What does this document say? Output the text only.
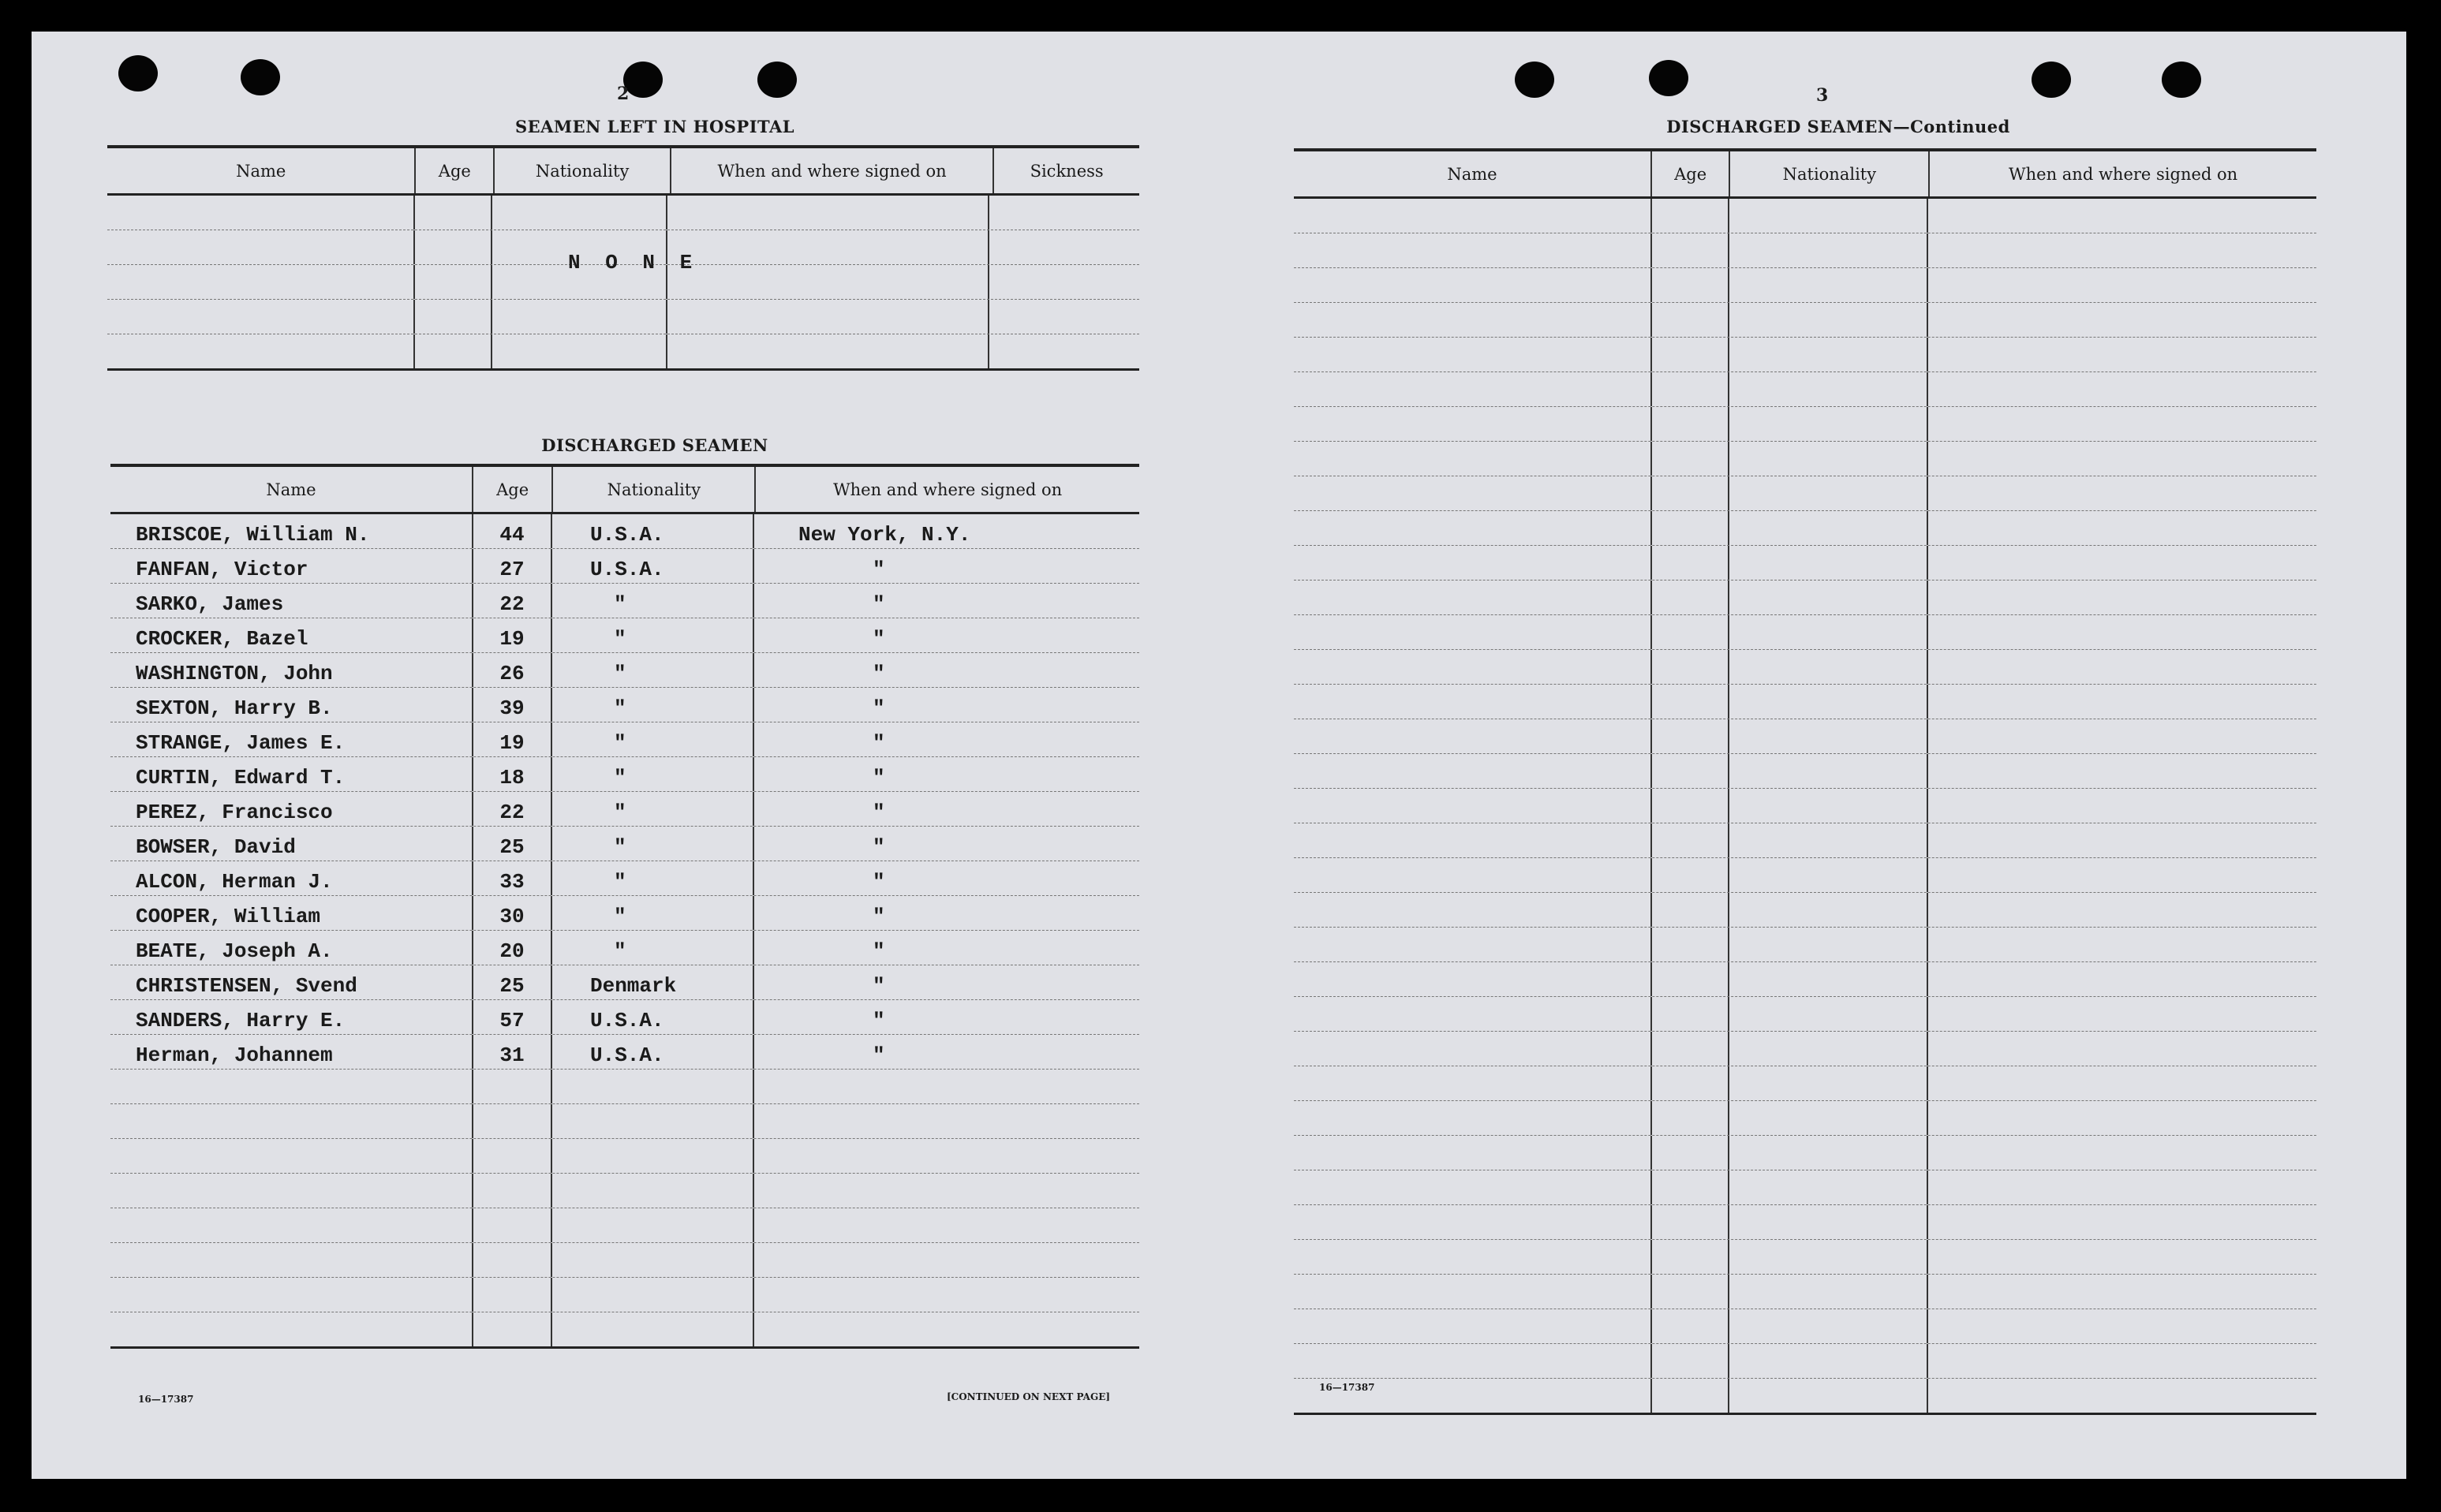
2
SEAMEN LEFT IN HOSPITAL
Name	Age	Nationality	When and where signed on	Sickness
N O N E
DISCHARGED SEAMEN
Name	Age	Nationality	When and where signed on
BRISCOE, William N.	44	U.S.A.	New York, N.Y.
FANFAN, Victor	27	U.S.A.	"
SARKO, James	22	"	"
CROCKER, Bazel	19	"	"
WASHINGTON, John	26	"	"
SEXTON, Harry B.	39	"	"
STRANGE, James E.	19	"	"
CURTIN, Edward T.	18	"	"
PEREZ, Francisco	22	"	"
BOWSER, David	25	"	"
ALCON, Herman J.	33	"	"
COOPER, William	30	"	"
BEATE, Joseph A.	20	"	"
CHRISTENSEN, Svend	25	Denmark	"
SANDERS, Harry E.	57	U.S.A.	"
Herman, Johannem	31	U.S.A.	"
16—17387	[CONTINUED ON NEXT PAGE]
3
DISCHARGED SEAMEN—Continued
Name	Age	Nationality	When and where signed on
16—17387
